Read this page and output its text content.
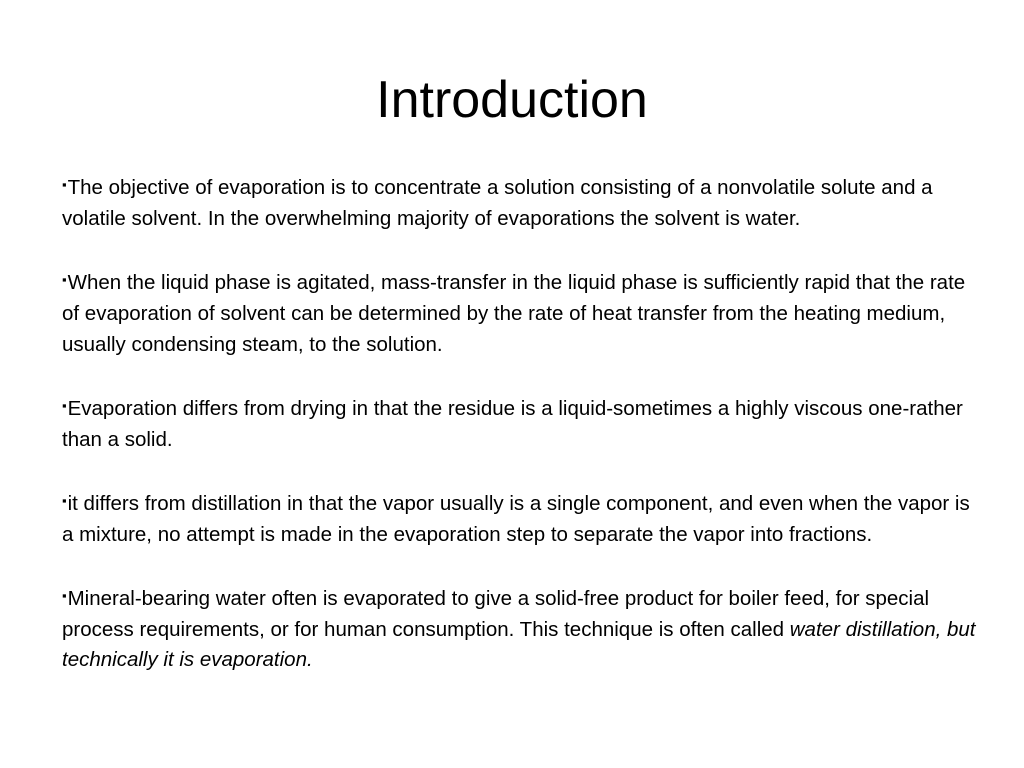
Introduction

▪The objective of evaporation is to concentrate a solution consisting of a nonvolatile solute and a volatile solvent. In the overwhelming majority of evaporations the solvent is water.

▪When the liquid phase is agitated, mass-transfer in the liquid phase is sufficiently rapid that the rate of evaporation of solvent can be determined by the rate of heat transfer from the heating medium, usually condensing steam, to the solution.

▪Evaporation differs from drying in that the residue is a liquid-sometimes a highly viscous one-rather than a solid.

▪it differs from distillation in that the vapor usually is a single component, and even when the vapor is a mixture, no attempt is made in the evaporation step to separate the vapor into fractions.

▪Mineral-bearing water often is evaporated to give a solid-free product for boiler feed, for special process requirements, or for human consumption. This technique is often called water distillation, but technically it is evaporation.
